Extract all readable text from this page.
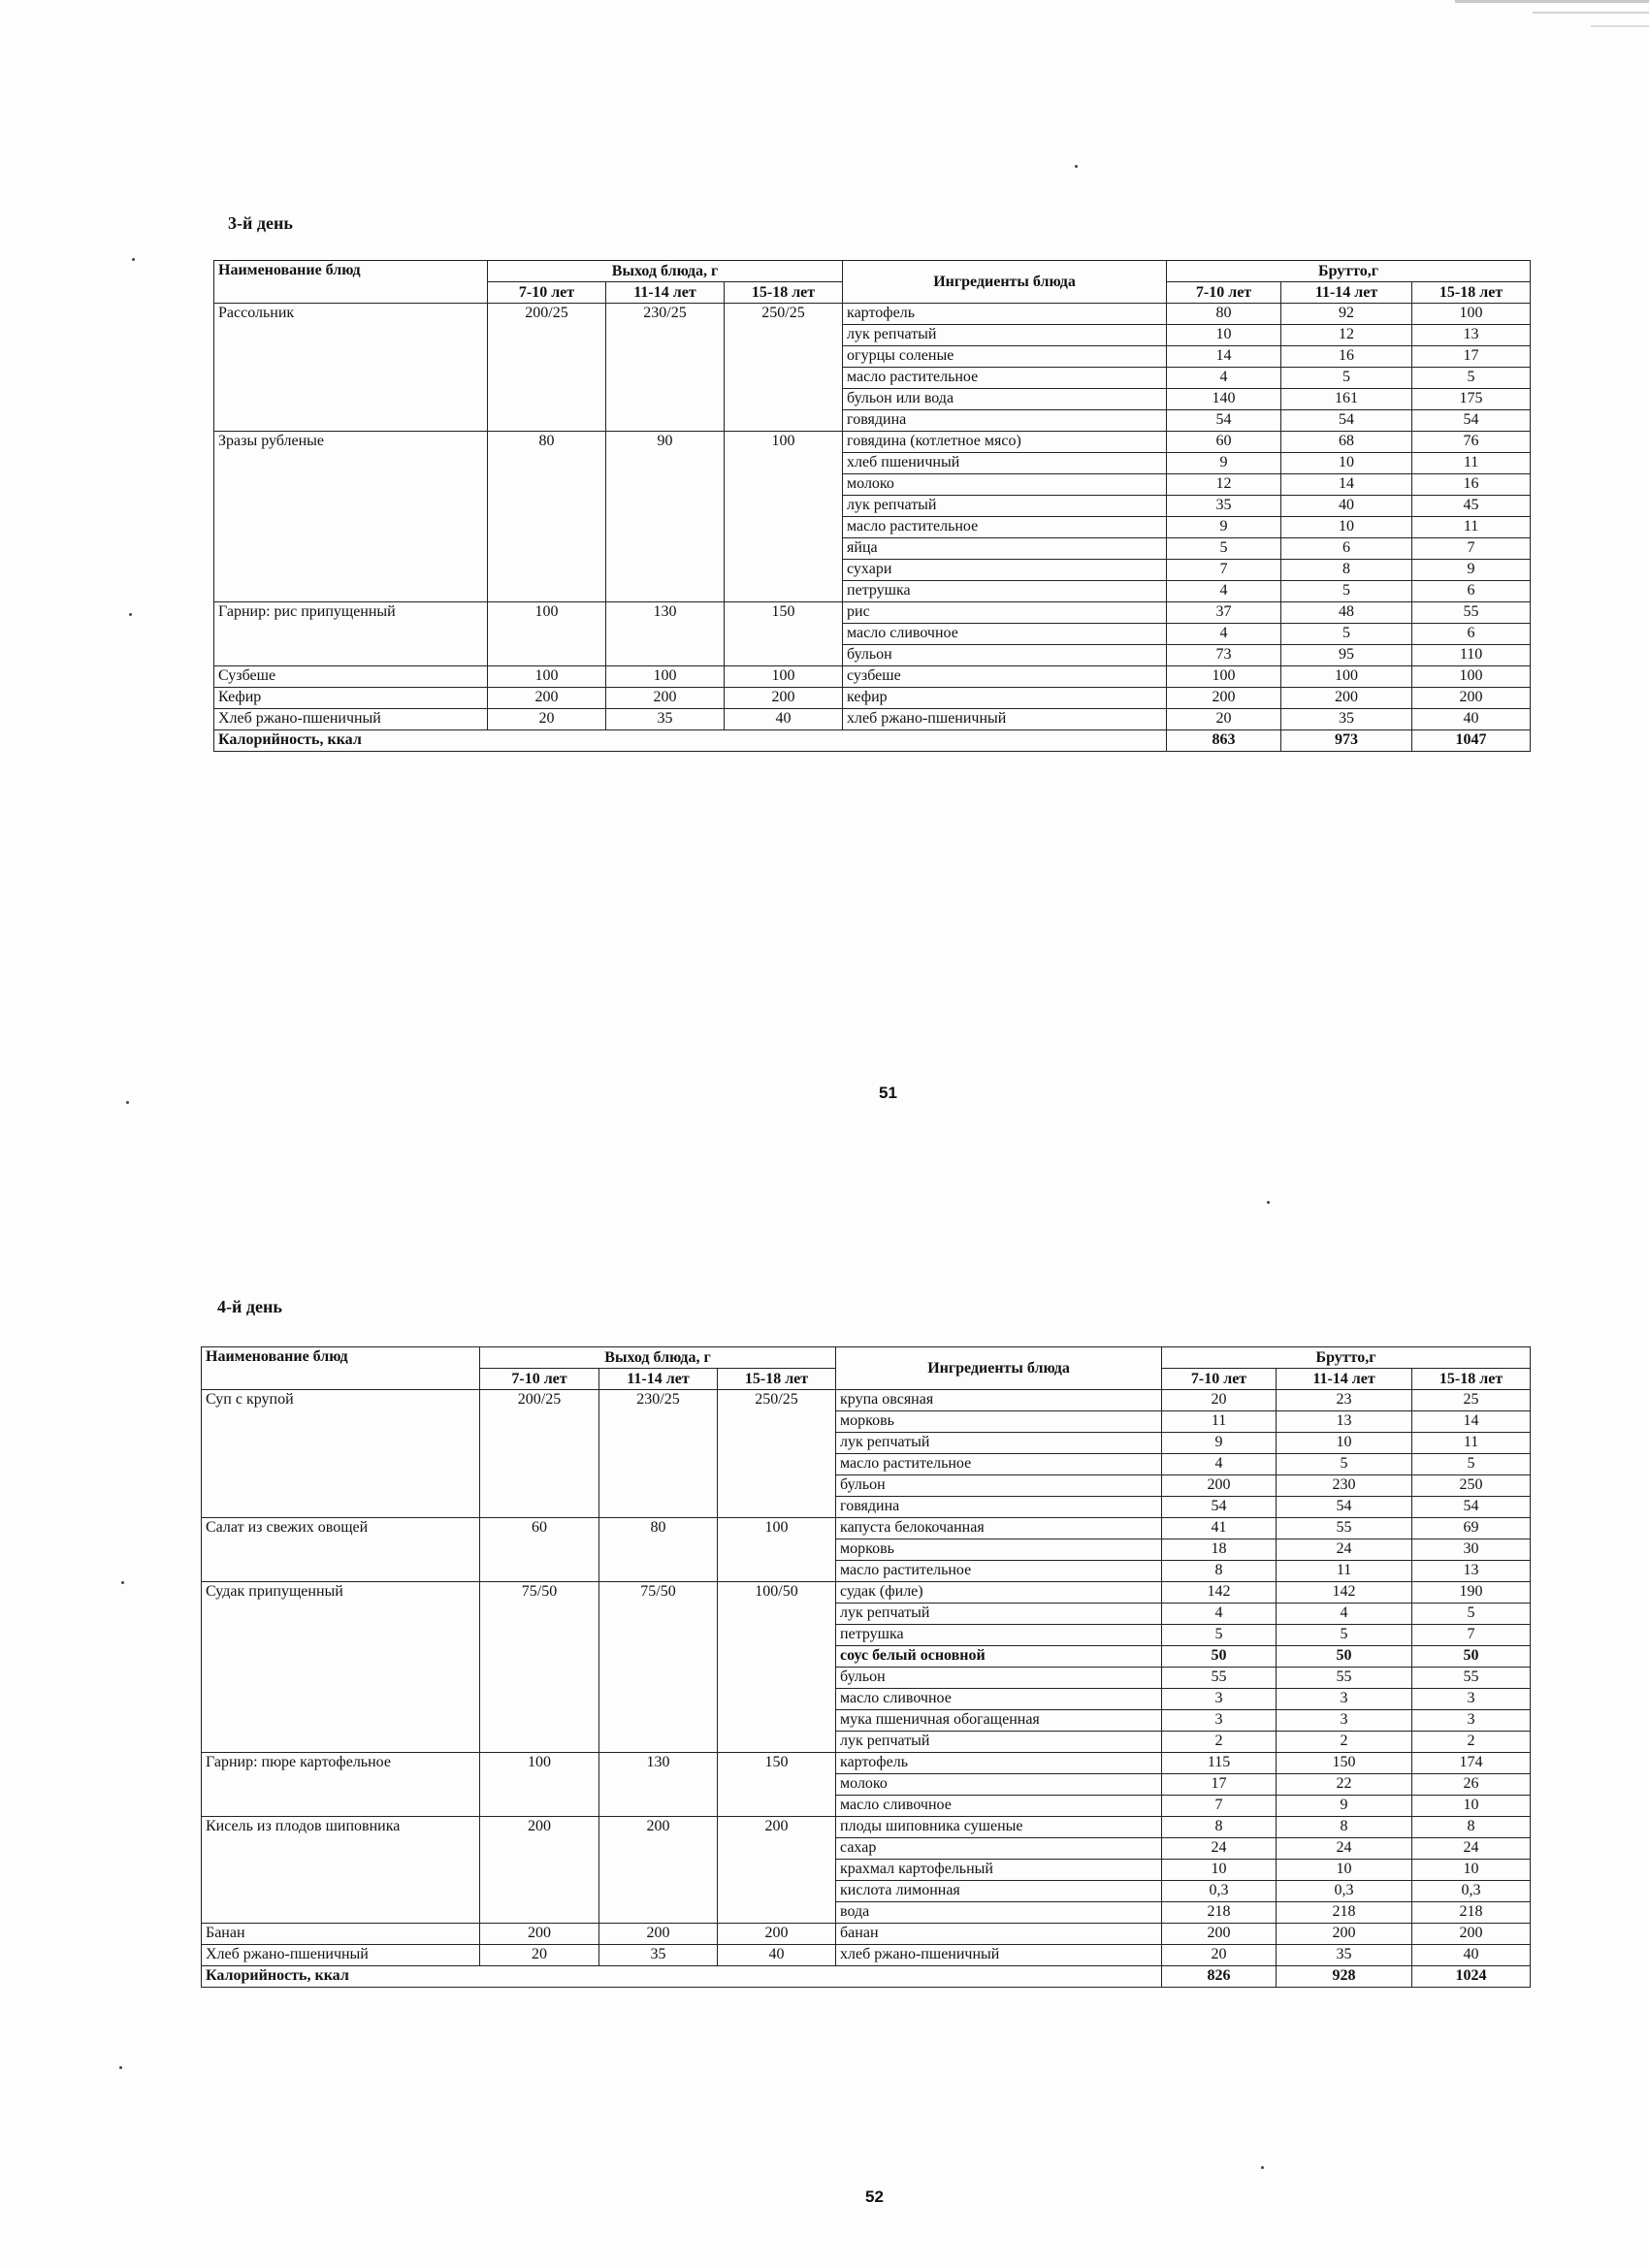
3-й день
Наименование блюд	Выход блюда, г			Ингредиенты блюда	Брутто,г		
	7-10 лет	11-14 лет	15-18 лет		7-10 лет	11-14 лет	15-18 лет
Рассольник	200/25	230/25	250/25	картофель	80	92	100
				лук репчатый	10	12	13
				огурцы соленые	14	16	17
				масло растительное	4	5	5
				бульон или вода	140	161	175
				говядина	54	54	54
Зразы рубленые	80	90	100	говядина (котлетное мясо)	60	68	76
				хлеб пшеничный	9	10	11
				молоко	12	14	16
				лук репчатый	35	40	45
				масло растительное	9	10	11
				яйца	5	6	7
				сухари	7	8	9
				петрушка	4	5	6
Гарнир: рис припущенный	100	130	150	рис	37	48	55
				масло сливочное	4	5	6
				бульон	73	95	110
Сузбеше	100	100	100	сузбеше	100	100	100
Кефир	200	200	200	кефир	200	200	200
Хлеб ржано-пшеничный	20	35	40	хлеб ржано-пшеничный	20	35	40
Калорийность, ккал					863	973	1047
51
4-й день
Наименование блюд	Выход блюда, г			Ингредиенты блюда	Брутто,г		
	7-10 лет	11-14 лет	15-18 лет		7-10 лет	11-14 лет	15-18 лет
Суп с крупой	200/25	230/25	250/25	крупа овсяная	20	23	25
				морковь	11	13	14
				лук репчатый	9	10	11
				масло растительное	4	5	5
				бульон	200	230	250
				говядина	54	54	54
Салат из свежих овощей	60	80	100	капуста белокочанная	41	55	69
				морковь	18	24	30
				масло растительное	8	11	13
Судак припущенный	75/50	75/50	100/50	судак (филе)	142	142	190
				лук репчатый	4	4	5
				петрушка	5	5	7
				соус белый основной	50	50	50
				бульон	55	55	55
				масло сливочное	3	3	3
				мука пшеничная обогащенная	3	3	3
				лук репчатый	2	2	2
Гарнир: пюре картофельное	100	130	150	картофель	115	150	174
				молоко	17	22	26
				масло сливочное	7	9	10
Кисель из плодов шиповника	200	200	200	плоды шиповника сушеные	8	8	8
				сахар	24	24	24
				крахмал картофельный	10	10	10
				кислота лимонная	0,3	0,3	0,3
				вода	218	218	218
Банан	200	200	200	банан	200	200	200
Хлеб ржано-пшеничный	20	35	40	хлеб ржано-пшеничный	20	35	40
Калорийность, ккал					826	928	1024
52
